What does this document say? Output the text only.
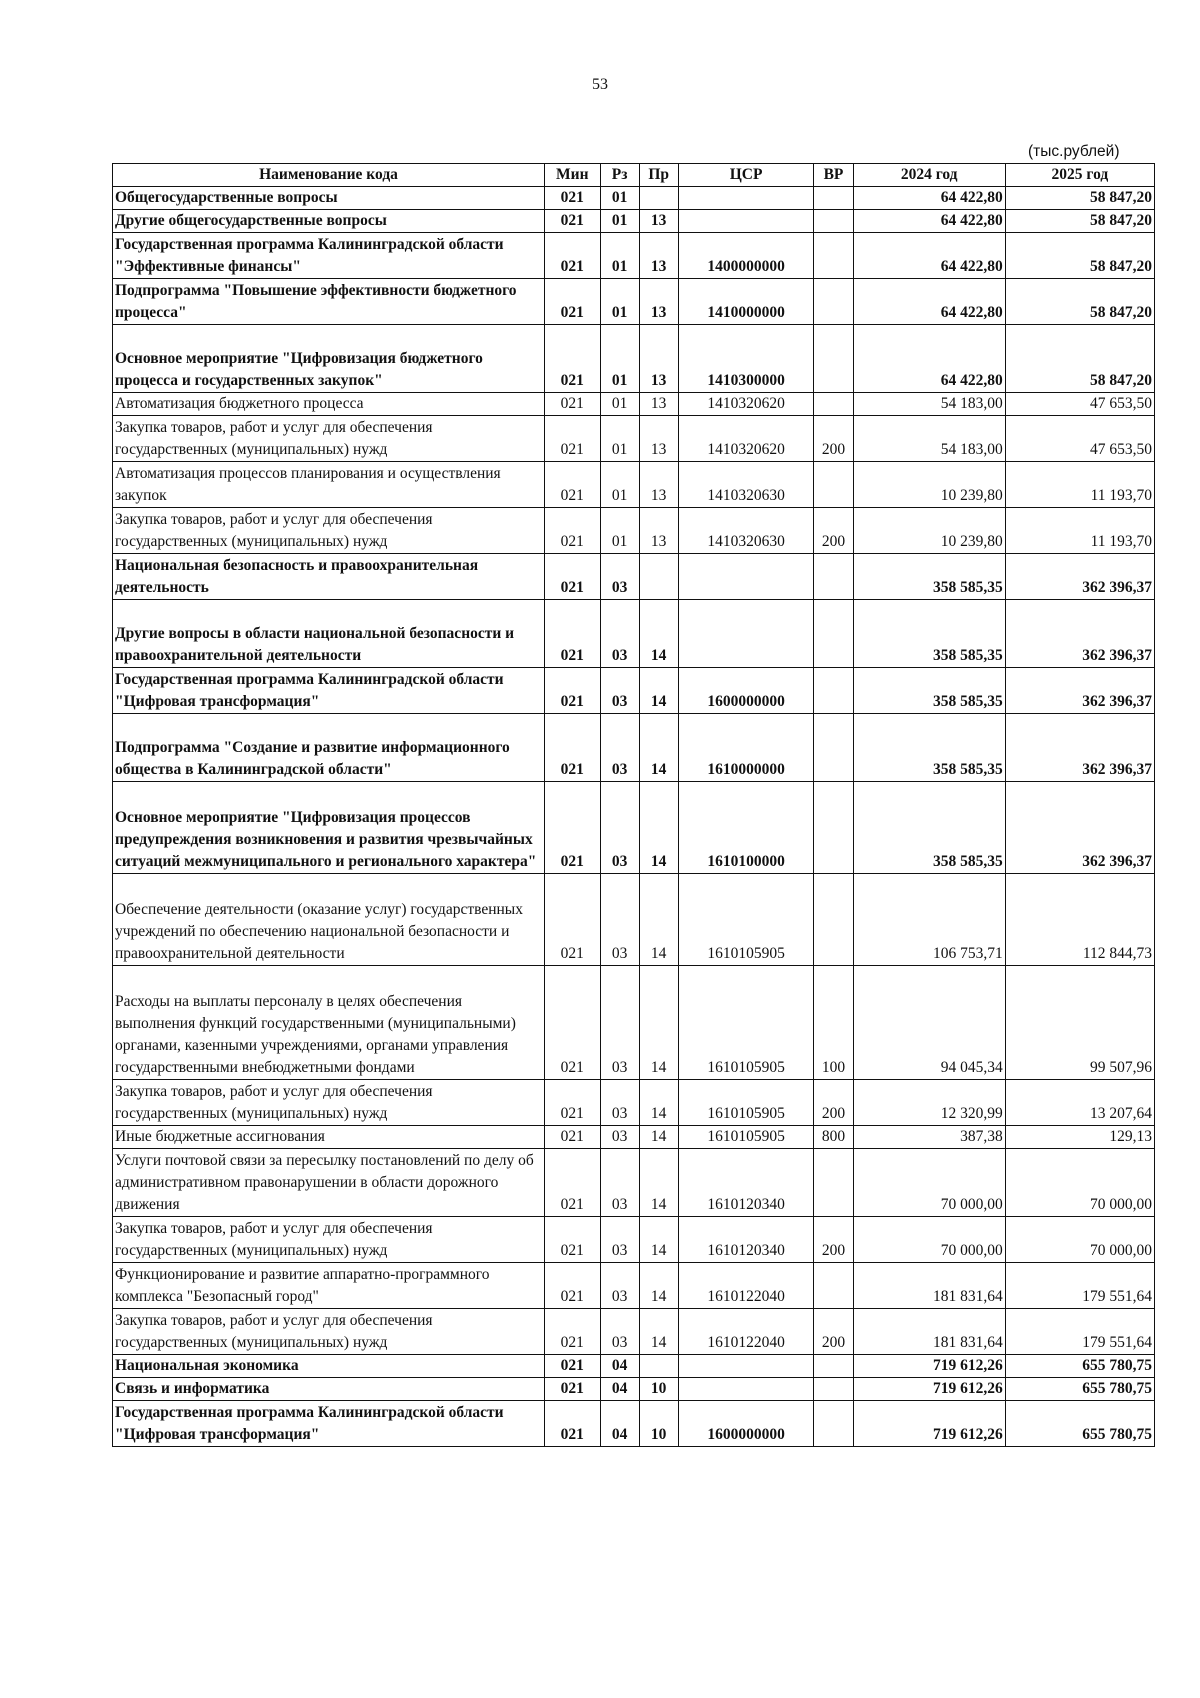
53
(тыс.рублей)
Наименование кода	Мин	Рз	Пр	ЦСР	ВР	2024 год	2025 год
Общегосударственные вопросы	021	01				64 422,80	58 847,20
Другие общегосударственные вопросы	021	01	13			64 422,80	58 847,20
Государственная программа Калининградской области "Эффективные финансы"	021	01	13	1400000000		64 422,80	58 847,20
Подпрограмма "Повышение эффективности бюджетного процесса"	021	01	13	1410000000		64 422,80	58 847,20
Основное мероприятие "Цифровизация бюджетного процесса и государственных закупок"	021	01	13	1410300000		64 422,80	58 847,20
Автоматизация бюджетного процесса	021	01	13	1410320620		54 183,00	47 653,50
Закупка товаров, работ и услуг для обеспечения государственных (муниципальных) нужд	021	01	13	1410320620	200	54 183,00	47 653,50
Автоматизация процессов планирования и осуществления закупок	021	01	13	1410320630		10 239,80	11 193,70
Закупка товаров, работ и услуг для обеспечения государственных (муниципальных) нужд	021	01	13	1410320630	200	10 239,80	11 193,70
Национальная безопасность и правоохранительная деятельность	021	03				358 585,35	362 396,37
Другие вопросы в области национальной безопасности и правоохранительной деятельности	021	03	14			358 585,35	362 396,37
Государственная программа Калининградской области "Цифровая трансформация"	021	03	14	1600000000		358 585,35	362 396,37
Подпрограмма "Создание и развитие информационного общества в Калининградской области"	021	03	14	1610000000		358 585,35	362 396,37
Основное мероприятие "Цифровизация процессов предупреждения возникновения и развития чрезвычайных ситуаций межмуниципального и регионального характера"	021	03	14	1610100000		358 585,35	362 396,37
Обеспечение деятельности (оказание услуг) государственных учреждений по обеспечению национальной безопасности и правоохранительной деятельности	021	03	14	1610105905		106 753,71	112 844,73
Расходы на выплаты персоналу в целях обеспечения выполнения функций государственными (муниципальными) органами, казенными учреждениями, органами управления государственными внебюджетными фондами	021	03	14	1610105905	100	94 045,34	99 507,96
Закупка товаров, работ и услуг для обеспечения государственных (муниципальных) нужд	021	03	14	1610105905	200	12 320,99	13 207,64
Иные бюджетные ассигнования	021	03	14	1610105905	800	387,38	129,13
Услуги почтовой связи за пересылку постановлений по делу об административном правонарушении в области дорожного движения	021	03	14	1610120340		70 000,00	70 000,00
Закупка товаров, работ и услуг для обеспечения государственных (муниципальных) нужд	021	03	14	1610120340	200	70 000,00	70 000,00
Функционирование и развитие аппаратно-программного комплекса "Безопасный город"	021	03	14	1610122040		181 831,64	179 551,64
Закупка товаров, работ и услуг для обеспечения государственных (муниципальных) нужд	021	03	14	1610122040	200	181 831,64	179 551,64
Национальная экономика	021	04				719 612,26	655 780,75
Связь и информатика	021	04	10			719 612,26	655 780,75
Государственная программа Калининградской области "Цифровая трансформация"	021	04	10	1600000000		719 612,26	655 780,75
